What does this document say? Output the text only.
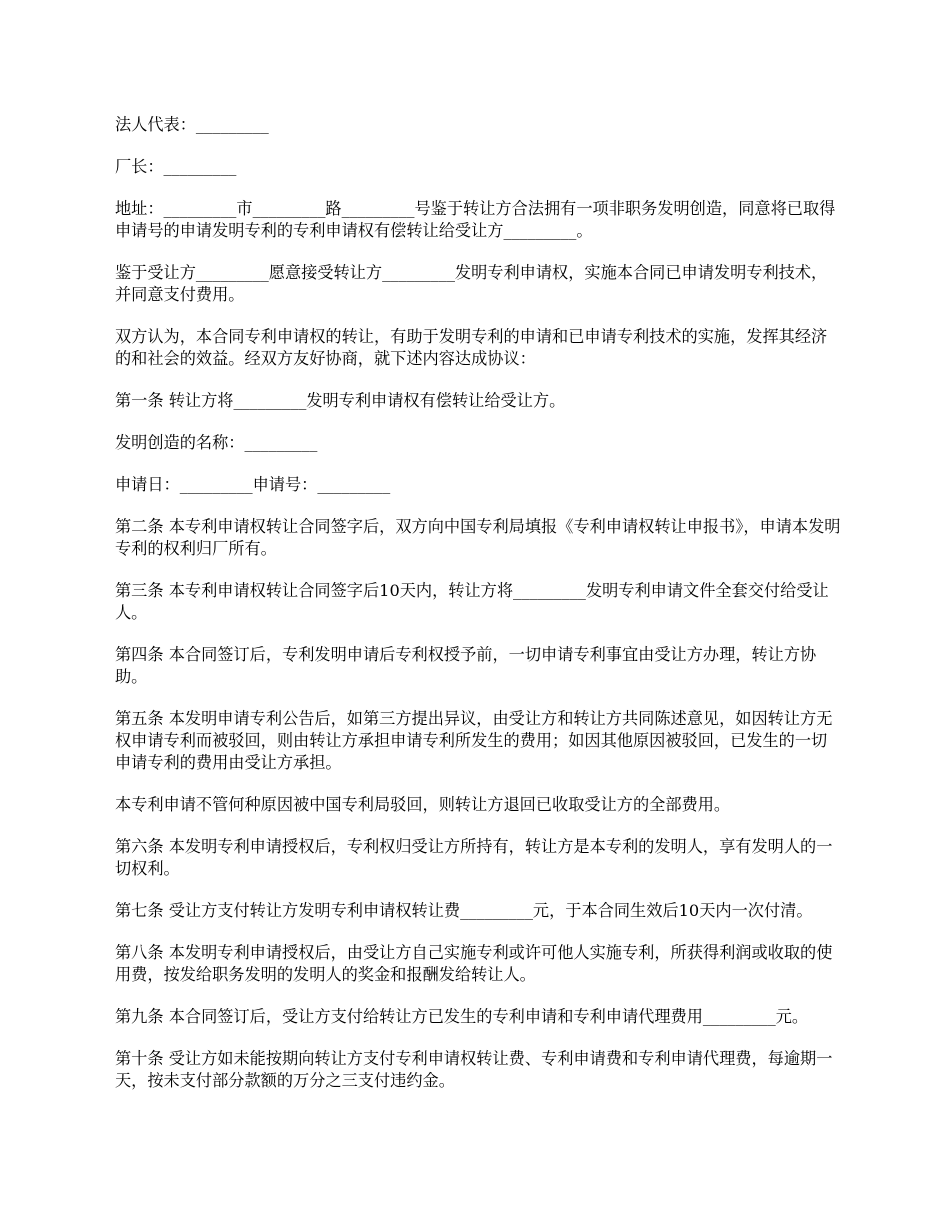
法人代表：_________

厂长：_________

地址：_________市_________路_________号鉴于转让方合法拥有一项非职务发明创造，同意将已取得申请号的申请发明专利的专利申请权有偿转让给受让方_________。

鉴于受让方_________愿意接受转让方_________发明专利申请权，实施本合同已申请发明专利技术，并同意支付费用。

双方认为，本合同专利申请权的转让，有助于发明专利的申请和已申请专利技术的实施，发挥其经济的和社会的效益。经双方友好协商，就下述内容达成协议：

第一条 转让方将_________发明专利申请权有偿转让给受让方。

发明创造的名称：_________

申请日：_________申请号：_________

第二条 本专利申请权转让合同签字后，双方向中国专利局填报《专利申请权转让申报书》，申请本发明专利的权利归厂所有。

第三条 本专利申请权转让合同签字后10天内，转让方将_________发明专利申请文件全套交付给受让人。

第四条 本合同签订后，专利发明申请后专利权授予前，一切申请专利事宜由受让方办理，转让方协助。

第五条 本发明申请专利公告后，如第三方提出异议，由受让方和转让方共同陈述意见，如因转让方无权申请专利而被驳回，则由转让方承担申请专利所发生的费用；如因其他原因被驳回，已发生的一切申请专利的费用由受让方承担。

本专利申请不管何种原因被中国专利局驳回，则转让方退回已收取受让方的全部费用。

第六条 本发明专利申请授权后，专利权归受让方所持有，转让方是本专利的发明人，享有发明人的一切权利。

第七条 受让方支付转让方发明专利申请权转让费_________元，于本合同生效后10天内一次付清。

第八条 本发明专利申请授权后，由受让方自己实施专利或许可他人实施专利，所获得利润或收取的使用费，按发给职务发明的发明人的奖金和报酬发给转让人。

第九条 本合同签订后，受让方支付给转让方已发生的专利申请和专利申请代理费用_________元。

第十条 受让方如未能按期向转让方支付专利申请权转让费、专利申请费和专利申请代理费，每逾期一天，按未支付部分款额的万分之三支付违约金。
